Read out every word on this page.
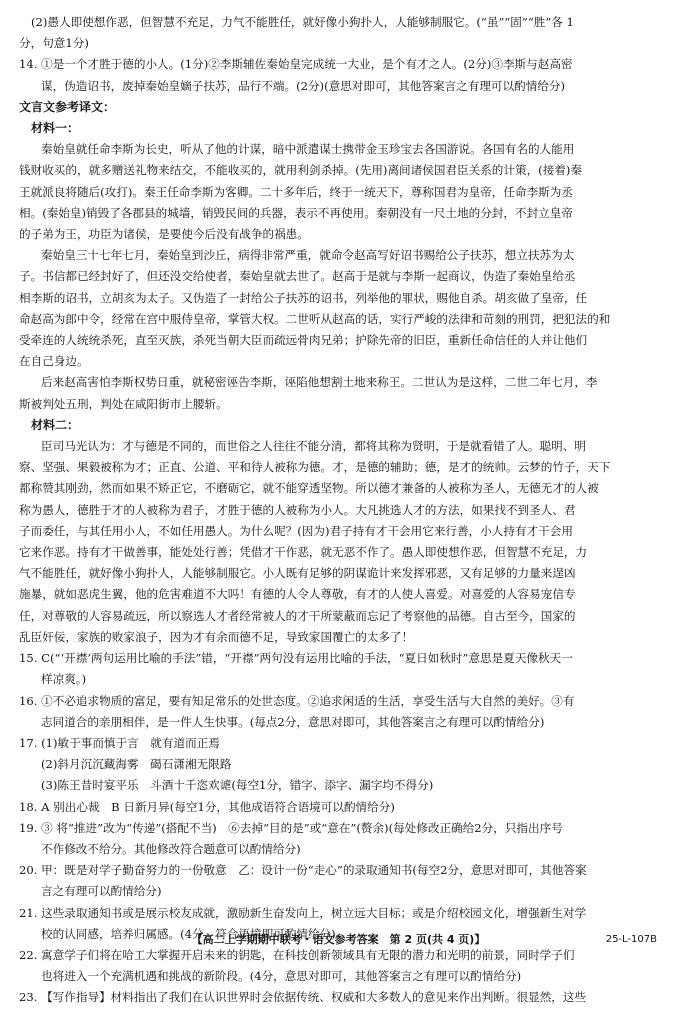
(2)愚人即使想作恶，但智慧不充足，力气不能胜任，就好像小狗扑人，人能够制服它。(“虽”“固”“胜”各 1
分，句意1分)
14. ①是一个才胜于德的小人。(1分)②李斯辅佐秦始皇完成统一大业，是个有才之人。(2分)③李斯与赵高密
谋，伪造诏书，废掉秦始皇嫡子扶苏，品行不端。(2分)(意思对即可，其他答案言之有理可以酌情给分)
文言文参考译文：
材料一：
秦始皇就任命李斯为长史，听从了他的计谋，暗中派遣谋士携带金玉珍宝去各国游说。各国有名的人能用
钱财收买的，就多赠送礼物来结交，不能收买的，就用利剑杀掉。(先用)离间诸侯国君臣关系的计策，(接着)秦
王就派良将随后(攻打)。秦王任命李斯为客卿。二十多年后，终于一统天下，尊称国君为皇帝，任命李斯为丞
相。(秦始皇)销毁了各郡县的城墙，销毁民间的兵器，表示不再使用。秦朝没有一尺土地的分封，不封立皇帝
的子弟为王，功臣为诸侯，是要使今后没有战争的祸患。
秦始皇三十七年七月，秦始皇到沙丘，病得非常严重，就命令赵高写好诏书赐给公子扶苏，想立扶苏为太
子。书信都已经封好了，但还没交给使者，秦始皇就去世了。赵高于是就与李斯一起商议，伪造了秦始皇给丞
相李斯的诏书，立胡亥为太子。又伪造了一封给公子扶苏的诏书，列举他的罪状，赐他自杀。胡亥做了皇帝，任
命赵高为郎中令，经常在宫中服侍皇帝，掌管大权。二世听从赵高的话，实行严峻的法律和苛刻的刑罚，把犯法的和
受牵连的人统统杀死，直至灭族，杀死当朝大臣而疏远骨肉兄弟；护除先帝的旧臣，重新任命信任的人并让他们
在自己身边。
后来赵高害怕李斯权势日重，就秘密诬告李斯，诬陷他想割土地来称王。二世认为是这样，二世二年七月，李
斯被判处五刑，判处在咸阳街市上腰斩。
材料二：
臣司马光认为：才与德是不同的，而世俗之人往往不能分清，都将其称为贤明，于是就看错了人。聪明、明
察、坚强、果毅被称为才；正直、公道、平和待人被称为德。才，是德的辅助；德，是才的统帅。云梦的竹子，天下
都称赞其刚劲，然而如果不矫正它，不磨砺它，就不能穿透坚物。所以德才兼备的人被称为圣人，无德无才的人被
称为愚人，德胜于才的人被称为君子，才胜于德的人被称为小人。大凡挑选人才的方法，如果找不到圣人、君
子而委任，与其任用小人，不如任用愚人。为什么呢？(因为)君子持有才干会用它来行善，小人持有才干会用
它来作恶。持有才干做善事，能处处行善；凭借才干作恶，就无恶不作了。愚人即使想作恶，但智慧不充足，力
气不能胜任，就好像小狗扑人，人能够制服它。小人既有足够的阴谋诡计来发挥邪恶，又有足够的力量来逞凶
施暴，就如恶虎生翼，他的危害难道不大吗！有德的人令人尊敬，有才的人使人喜爱。对喜爱的人容易宠信专
任，对尊敬的人容易疏远，所以察选人才者经常被人的才干所蒙蔽而忘记了考察他的品德。自古至今，国家的
乱臣奸佞，家族的败家浪子，因为才有余而德不足，导致家国覆亡的太多了！
15. C(“‘开襟’两句运用比喻的手法”错，“开襟”两句没有运用比喻的手法，“夏日如秋时”意思是夏天像秋天一
样凉爽。)
16. ①不必追求物质的富足，要有知足常乐的处世态度。②追求闲适的生活，享受生活与大自然的美好。③有
志同道合的亲朋相伴，是一件人生快事。(每点2分，意思对即可，其他答案言之有理可以酌情给分)
17. (1)敏于事而慎于言　就有道而正焉
(2)斜月沉沉藏海雾　碣石潇湘无限路
(3)陈王昔时宴平乐　斗酒十千恣欢谑(每空1分，错字、添字、漏字均不得分)
18. A 别出心裁　B 日新月异(每空1分，其他成语符合语境可以酌情给分)
19. ③ 将“推进”改为“传递”(搭配不当)　⑥去掉“目的是”或“意在”(赘余)(每处修改正确给2分，只指出序号
不作修改不给分。其他修改符合题意可以酌情给分)
20. 甲：既是对学子勤奋努力的一份敬意　乙：设计一份“走心”的录取通知书(每空2分，意思对即可，其他答案
言之有理可以酌情给分)
21. 这些录取通知书或是展示校友成就，激励新生奋发向上，树立远大目标；或是介绍校园文化，增强新生对学
校的认同感，培养归属感。(4分，符合语境即可酌情给分)
22. 寓意学子们将在哈工大掌握开启未来的钥匙，在科技创新领域具有无限的潜力和光明的前景，同时学子们
也将进入一个充满机遇和挑战的新阶段。(4分，意思对即可，其他答案言之有理可以酌情给分)
23. 【写作指导】材料指出了我们在认识世界时会依据传统、权威和大多数人的意见来作出判断。很显然，这些
【高二上学期期中联考・语文参考答案　第 2 页(共 4 页)】	25-L-107B
